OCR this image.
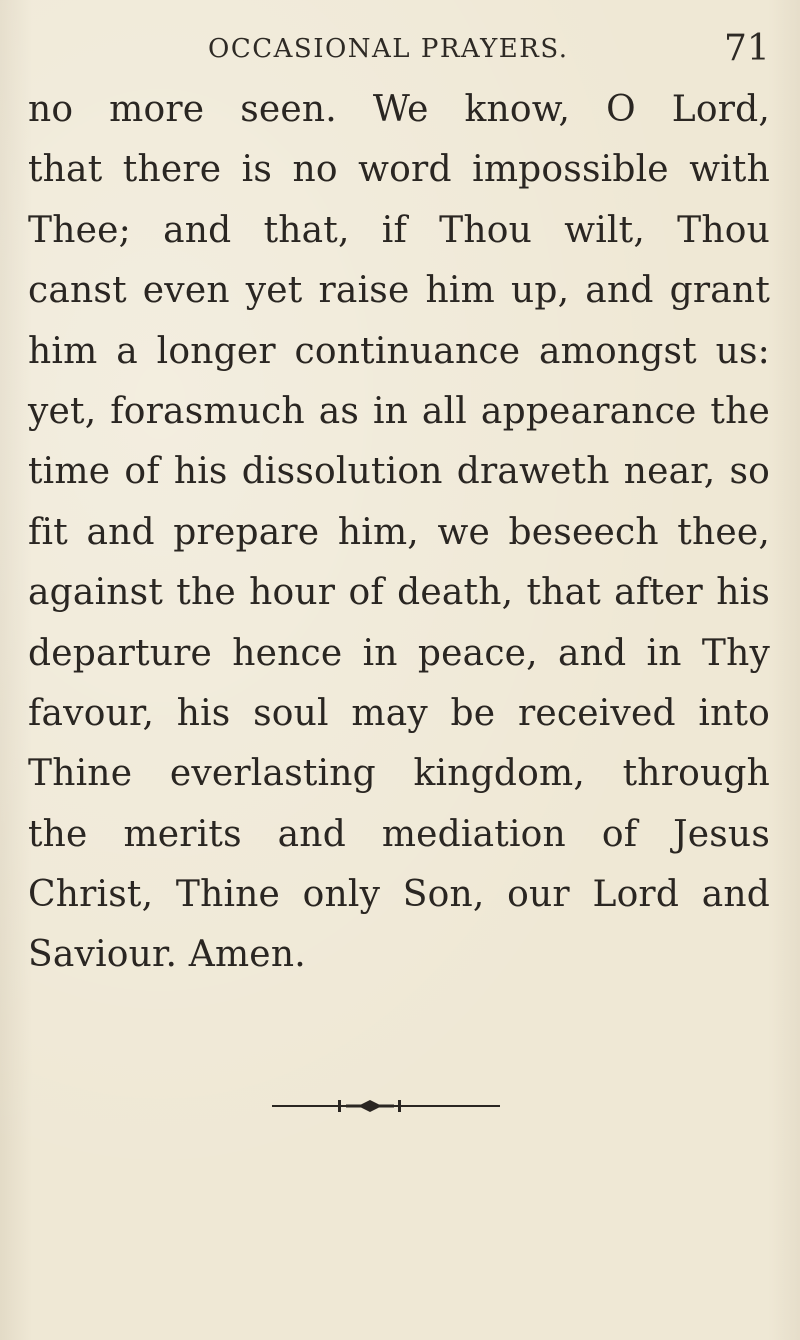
OCCASIONAL PRAYERS.	71
no more seen. We know, O Lord,
that there is no word impossible with
Thee; and that, if Thou wilt, Thou
canst even yet raise him up, and grant
him a longer continuance amongst us:
yet, forasmuch as in all appearance the
time of his dissolution draweth near, so
fit and prepare him, we beseech thee,
against the hour of death, that after his
departure hence in peace, and in Thy
favour, his soul may be received into
Thine everlasting kingdom, through
the merits and mediation of Jesus
Christ, Thine only Son, our Lord and
Saviour. Amen.
